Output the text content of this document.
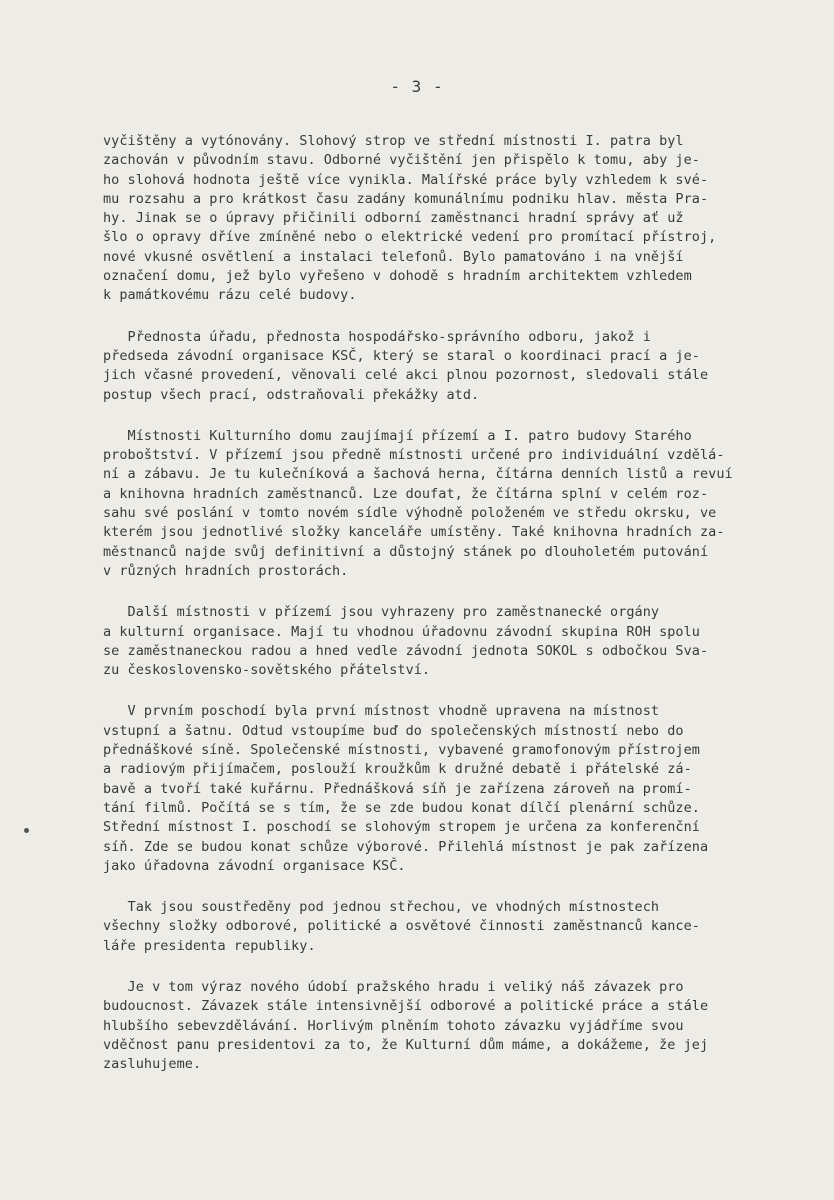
- 3 -
vyčištěny a vytónovány. Slohový strop ve střední místnosti I. patra byl
zachován v původním stavu. Odborné vyčištění jen přispělo k tomu, aby je-
ho slohová hodnota ještě více vynikla. Malířské práce byly vzhledem k své-
mu rozsahu a pro krátkost času zadány komunálnímu podniku hlav. města Pra-
hy. Jinak se o úpravy přičinili odborní zaměstnanci hradní správy ať už
šlo o opravy dříve zmíněné nebo o elektrické vedení pro promítací přístroj,
nové vkusné osvětlení a instalaci telefonů. Bylo pamatováno i na vnější
označení domu, jež bylo vyřešeno v dohodě s hradním architektem vzhledem
k památkovému rázu celé budovy.
Přednosta úřadu, přednosta hospodářsko-správního odboru, jakož i
předseda závodní organisace KSČ, který se staral o koordinaci prací a je-
jich včasné provedení, věnovali celé akci plnou pozornost, sledovali stále
postup všech prací, odstraňovali překážky atd.
Místnosti Kulturního domu zaujímají přízemí a I. patro budovy Starého
proboštství. V přízemí jsou předně místnosti určené pro individuální vzdělá-
ní a zábavu. Je tu kulečníková a šachová herna, čítárna denních listů a revuí
a knihovna hradních zaměstnanců. Lze doufat, že čítárna splní v celém roz-
sahu své poslání v tomto novém sídle výhodně položeném ve středu okrsku, ve
kterém jsou jednotlivé složky kanceláře umístěny. Také knihovna hradních za-
městnanců najde svůj definitivní a důstojný stánek po dlouholetém putování
v různých hradních prostorách.
Další místnosti v přízemí jsou vyhrazeny pro zaměstnanecké orgány
a kulturní organisace. Mají tu vhodnou úřadovnu závodní skupina ROH spolu
se zaměstnaneckou radou a hned vedle závodní jednota SOKOL s odbočkou Sva-
zu československo-sovětského přátelství.
V prvním poschodí byla první místnost vhodně upravena na místnost
vstupní a šatnu. Odtud vstoupíme buď do společenských místností nebo do
přednáškové síně. Společenské místnosti, vybavené gramofonovým přístrojem
a radiovým přijímačem, poslouží kroužkům k družné debatě i přátelské zá-
bavě a tvoří také kuřárnu. Přednášková síň je zařízena zároveň na promí-
tání filmů. Počítá se s tím, že se zde budou konat dílčí plenární schůze.
Střední místnost I. poschodí se slohovým stropem je určena za konferenční
síň. Zde se budou konat schůze výborové. Přilehlá místnost je pak zařízena
jako úřadovna závodní organisace KSČ.
Tak jsou soustředěny pod jednou střechou, ve vhodných místnostech
všechny složky odborové, politické a osvětové činnosti zaměstnanců kance-
láře presidenta republiky.
Je v tom výraz nového údobí pražského hradu i veliký náš závazek pro
budoucnost. Závazek stále intensivnější odborové a politické práce a stále
hlubšího sebevzdělávání. Horlivým plněním tohoto závazku vyjádříme svou
vděčnost panu presidentovi za to, že Kulturní dům máme, a dokážeme, že jej
zasluhujeme.
